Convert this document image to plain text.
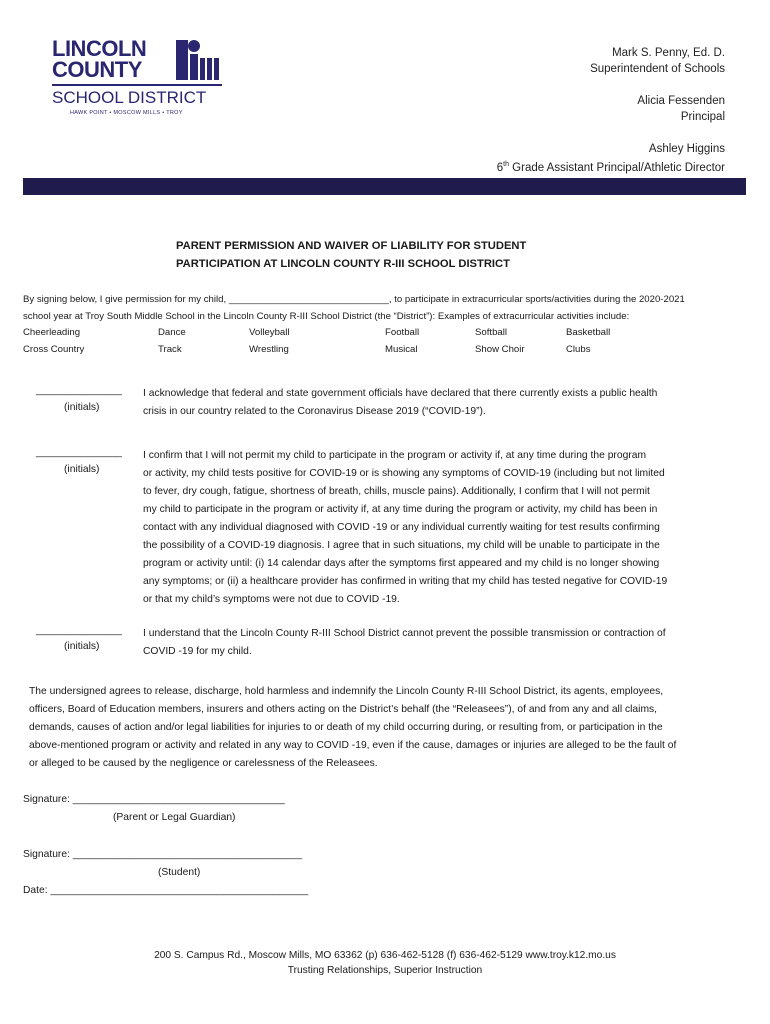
LINCOLN
COUNTY
SCHOOL DISTRICT
HAWK POINT • MOSCOW MILLS • TROY
Mark S. Penny, Ed. D.
Superintendent of Schools
Alicia Fessenden
Principal
Ashley Higgins
6th Grade Assistant Principal/Athletic Director
PARENT PERMISSION AND WAIVER OF LIABILITY FOR STUDENT
PARTICIPATION AT LINCOLN COUNTY R-III SCHOOL DISTRICT
By signing below, I give permission for my child, ______________________________, to participate in extracurricular sports/activities during the 2020-2021
school year at Troy South Middle School in the Lincoln County R-III School District (the “District”): Examples of extracurricular activities include:
Cheerleading	Dance	Volleyball	Football	Softball	Basketball
Cross Country	Track	Wrestling	Musical	Show Choir	Clubs
_______________
(initials)
I acknowledge that federal and state government officials have declared that there currently exists a public health
crisis in our country related to the Coronavirus Disease 2019 (“COVID-19”).
_______________
(initials)
I confirm that I will not permit my child to participate in the program or activity if, at any time during the program
or activity, my child tests positive for COVID-19 or is showing any symptoms of COVID-19 (including but not limited
to fever, dry cough, fatigue, shortness of breath, chills, muscle pains). Additionally, I confirm that I will not permit
my child to participate in the program or activity if, at any time during the program or activity, my child has been in
contact with any individual diagnosed with COVID -19 or any individual currently waiting for test results confirming
the possibility of a COVID-19 diagnosis. I agree that in such situations, my child will be unable to participate in the
program or activity until: (i) 14 calendar days after the symptoms first appeared and my child is no longer showing
any symptoms; or (ii) a healthcare provider has confirmed in writing that my child has tested negative for COVID-19
or that my child’s symptoms were not due to COVID -19.
_______________
(initials)
I understand that the Lincoln County R-III School District cannot prevent the possible transmission or contraction of
COVID -19 for my child.
The undersigned agrees to release, discharge, hold harmless and indemnify the Lincoln County R-III School District, its agents, employees,
officers, Board of Education members, insurers and others acting on the District’s behalf (the “Releasees”), of and from any and all claims,
demands, causes of action and/or legal liabilities for injuries to or death of my child occurring during, or resulting from, or participation in the
above-mentioned program or activity and related in any way to COVID -19, even if the cause, damages or injuries are alleged to be the fault of
or alleged to be caused by the negligence or carelessness of the Releasees.
Signature: _____________________________________
(Parent or Legal Guardian)
Signature: ________________________________________
(Student)
Date: _____________________________________________
200 S. Campus Rd., Moscow Mills, MO 63362 (p) 636-462-5128 (f) 636-462-5129 www.troy.k12.mo.us
Trusting Relationships, Superior Instruction
